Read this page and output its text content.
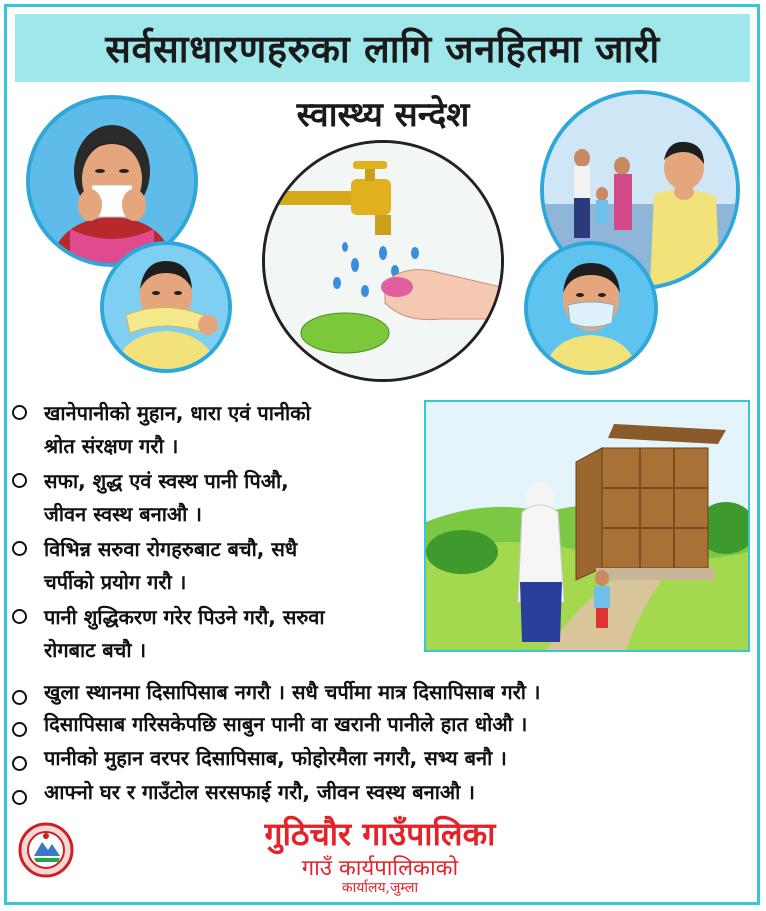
सर्वसाधारणहरुका लागि जनहितमा जारी
स्वास्थ्य सन्देश
खानेपानीको मुहान, धारा एवं पानीको
श्रोत संरक्षण गरौ ।
सफा, शुद्ध एवं स्वस्थ पानी पिऔ,
जीवन स्वस्थ बनाऔ ।
विभिन्न सरुवा रोगहरुबाट बचौ, सधै
चर्पीको प्रयोग गरौ ।
पानी शुद्धिकरण गरेर पिउने गरौ, सरुवा
रोगबाट बचौ ।
खुला स्थानमा दिसापिसाब नगरौ । सधै चर्पीमा मात्र दिसापिसाब गरौ ।
दिसापिसाब गरिसकेपछि साबुन पानी वा खरानी पानीले हात धोऔ ।
पानीको मुहान वरपर दिसापिसाब, फोहोरमैला नगरौ, सभ्य बनौ ।
आफ्नो घर र गाउँटोल सरसफाई गरौ, जीवन स्वस्थ बनाऔ ।
गुठिचौर गाउँपालिका
गाउँ कार्यपालिकाको
कार्यालय,जुम्ला
